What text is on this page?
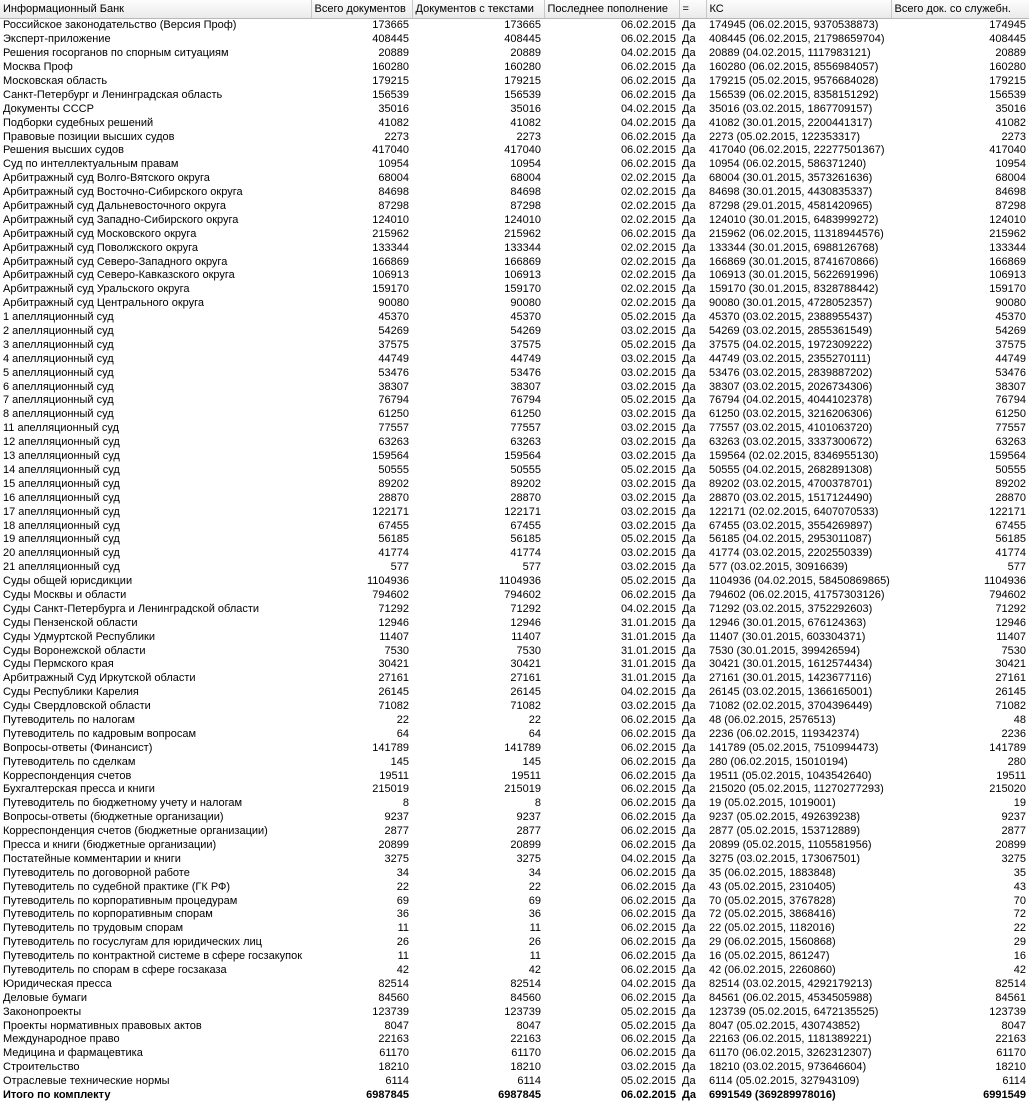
Информационный Банк	Всего документов	Документов с текстами	Последнее пополнение	=	КС	Всего док. со служебн.
Российское законодательство (Версия Проф)	173665	173665	06.02.2015	Да	174945 (06.02.2015, 9370538873)	174945
Эксперт-приложение	408445	408445	06.02.2015	Да	408445 (06.02.2015, 21798659704)	408445
Решения госорганов по спорным ситуациям	20889	20889	04.02.2015	Да	20889 (04.02.2015, 1117983121)	20889
Москва Проф	160280	160280	06.02.2015	Да	160280 (06.02.2015, 8556984057)	160280
Московская область	179215	179215	06.02.2015	Да	179215 (05.02.2015, 9576684028)	179215
Санкт-Петербург и Ленинградская область	156539	156539	06.02.2015	Да	156539 (06.02.2015, 8358151292)	156539
Документы СССР	35016	35016	04.02.2015	Да	35016 (03.02.2015, 1867709157)	35016
Подборки судебных решений	41082	41082	04.02.2015	Да	41082 (30.01.2015, 2200441317)	41082
Правовые позиции высших судов	2273	2273	06.02.2015	Да	2273 (05.02.2015, 122353317)	2273
Решения высших судов	417040	417040	06.02.2015	Да	417040 (06.02.2015, 22277501367)	417040
Суд по интеллектуальным правам	10954	10954	06.02.2015	Да	10954 (06.02.2015, 586371240)	10954
Арбитражный суд Волго-Вятского округа	68004	68004	02.02.2015	Да	68004 (30.01.2015, 3573261636)	68004
Арбитражный суд Восточно-Сибирского округа	84698	84698	02.02.2015	Да	84698 (30.01.2015, 4430835337)	84698
Арбитражный суд Дальневосточного округа	87298	87298	02.02.2015	Да	87298 (29.01.2015, 4581420965)	87298
Арбитражный суд Западно-Сибирского округа	124010	124010	02.02.2015	Да	124010 (30.01.2015, 6483999272)	124010
Арбитражный суд Московского округа	215962	215962	06.02.2015	Да	215962 (06.02.2015, 11318944576)	215962
Арбитражный суд Поволжского округа	133344	133344	02.02.2015	Да	133344 (30.01.2015, 6988126768)	133344
Арбитражный суд Северо-Западного округа	166869	166869	02.02.2015	Да	166869 (30.01.2015, 8741670866)	166869
Арбитражный суд Северо-Кавказского округа	106913	106913	02.02.2015	Да	106913 (30.01.2015, 5622691996)	106913
Арбитражный суд Уральского округа	159170	159170	02.02.2015	Да	159170 (30.01.2015, 8328788442)	159170
Арбитражный суд Центрального округа	90080	90080	02.02.2015	Да	90080 (30.01.2015, 4728052357)	90080
1 апелляционный суд	45370	45370	05.02.2015	Да	45370 (03.02.2015, 2388955437)	45370
2 апелляционный суд	54269	54269	03.02.2015	Да	54269 (03.02.2015, 2855361549)	54269
3 апелляционный суд	37575	37575	05.02.2015	Да	37575 (04.02.2015, 1972309222)	37575
4 апелляционный суд	44749	44749	03.02.2015	Да	44749 (03.02.2015, 2355270111)	44749
5 апелляционный суд	53476	53476	03.02.2015	Да	53476 (03.02.2015, 2839887202)	53476
6 апелляционный суд	38307	38307	03.02.2015	Да	38307 (03.02.2015, 2026734306)	38307
7 апелляционный суд	76794	76794	05.02.2015	Да	76794 (04.02.2015, 4044102378)	76794
8 апелляционный суд	61250	61250	03.02.2015	Да	61250 (03.02.2015, 3216206306)	61250
11 апелляционный суд	77557	77557	03.02.2015	Да	77557 (03.02.2015, 4101063720)	77557
12 апелляционный суд	63263	63263	03.02.2015	Да	63263 (03.02.2015, 3337300672)	63263
13 апелляционный суд	159564	159564	03.02.2015	Да	159564 (02.02.2015, 8346955130)	159564
14 апелляционный суд	50555	50555	05.02.2015	Да	50555 (04.02.2015, 2682891308)	50555
15 апелляционный суд	89202	89202	03.02.2015	Да	89202 (03.02.2015, 4700378701)	89202
16 апелляционный суд	28870	28870	03.02.2015	Да	28870 (03.02.2015, 1517124490)	28870
17 апелляционный суд	122171	122171	03.02.2015	Да	122171 (02.02.2015, 6407070533)	122171
18 апелляционный суд	67455	67455	03.02.2015	Да	67455 (03.02.2015, 3554269897)	67455
19 апелляционный суд	56185	56185	05.02.2015	Да	56185 (04.02.2015, 2953011087)	56185
20 апелляционный суд	41774	41774	03.02.2015	Да	41774 (03.02.2015, 2202550339)	41774
21 апелляционный суд	577	577	03.02.2015	Да	577 (03.02.2015, 30916639)	577
Суды общей юрисдикции	1104936	1104936	05.02.2015	Да	1104936 (04.02.2015, 58450869865)	1104936
Суды Москвы и области	794602	794602	06.02.2015	Да	794602 (06.02.2015, 41757303126)	794602
Суды Санкт-Петербурга и Ленинградской области	71292	71292	04.02.2015	Да	71292 (03.02.2015, 3752292603)	71292
Суды Пензенской области	12946	12946	31.01.2015	Да	12946 (30.01.2015, 676124363)	12946
Суды Удмуртской Республики	11407	11407	31.01.2015	Да	11407 (30.01.2015, 603304371)	11407
Суды Воронежской области	7530	7530	31.01.2015	Да	7530 (30.01.2015, 399426594)	7530
Суды Пермского края	30421	30421	31.01.2015	Да	30421 (30.01.2015, 1612574434)	30421
Арбитражный Суд Иркутской области	27161	27161	31.01.2015	Да	27161 (30.01.2015, 1423677116)	27161
Суды Республики Карелия	26145	26145	04.02.2015	Да	26145 (03.02.2015, 1366165001)	26145
Суды Свердловской области	71082	71082	03.02.2015	Да	71082 (02.02.2015, 3704396449)	71082
Путеводитель по налогам	22	22	06.02.2015	Да	48 (06.02.2015, 2576513)	48
Путеводитель по кадровым вопросам	64	64	06.02.2015	Да	2236 (06.02.2015, 119342374)	2236
Вопросы-ответы (Финансист)	141789	141789	06.02.2015	Да	141789 (05.02.2015, 7510994473)	141789
Путеводитель по сделкам	145	145	06.02.2015	Да	280 (06.02.2015, 15010194)	280
Корреспонденция счетов	19511	19511	06.02.2015	Да	19511 (05.02.2015, 1043542640)	19511
Бухгалтерская пресса и книги	215019	215019	06.02.2015	Да	215020 (05.02.2015, 11270277293)	215020
Путеводитель по бюджетному учету и налогам	8	8	06.02.2015	Да	19 (05.02.2015, 1019001)	19
Вопросы-ответы (бюджетные организации)	9237	9237	06.02.2015	Да	9237 (05.02.2015, 492639238)	9237
Корреспонденция счетов (бюджетные организации)	2877	2877	06.02.2015	Да	2877 (05.02.2015, 153712889)	2877
Пресса и книги (бюджетные организации)	20899	20899	06.02.2015	Да	20899 (05.02.2015, 1105581956)	20899
Постатейные комментарии и книги	3275	3275	04.02.2015	Да	3275 (03.02.2015, 173067501)	3275
Путеводитель по договорной работе	34	34	06.02.2015	Да	35 (06.02.2015, 1883848)	35
Путеводитель по судебной практике (ГК РФ)	22	22	06.02.2015	Да	43 (05.02.2015, 2310405)	43
Путеводитель по корпоративным процедурам	69	69	06.02.2015	Да	70 (05.02.2015, 3767828)	70
Путеводитель по корпоративным спорам	36	36	06.02.2015	Да	72 (05.02.2015, 3868416)	72
Путеводитель по трудовым спорам	11	11	06.02.2015	Да	22 (05.02.2015, 1182016)	22
Путеводитель по госуслугам для юридических лиц	26	26	06.02.2015	Да	29 (06.02.2015, 1560868)	29
Путеводитель по контрактной системе в сфере госзакупок	11	11	06.02.2015	Да	16 (05.02.2015, 861247)	16
Путеводитель по спорам в сфере госзаказа	42	42	06.02.2015	Да	42 (06.02.2015, 2260860)	42
Юридическая пресса	82514	82514	04.02.2015	Да	82514 (03.02.2015, 4292179213)	82514
Деловые бумаги	84560	84560	06.02.2015	Да	84561 (06.02.2015, 4534505988)	84561
Законопроекты	123739	123739	05.02.2015	Да	123739 (05.02.2015, 6472135525)	123739
Проекты нормативных правовых актов	8047	8047	05.02.2015	Да	8047 (05.02.2015, 430743852)	8047
Международное право	22163	22163	06.02.2015	Да	22163 (06.02.2015, 1181389221)	22163
Медицина и фармацевтика	61170	61170	06.02.2015	Да	61170 (06.02.2015, 3262312307)	61170
Строительство	18210	18210	03.02.2015	Да	18210 (03.02.2015, 973646604)	18210
Отраслевые технические нормы	6114	6114	05.02.2015	Да	6114 (05.02.2015, 327943109)	6114
Итого по комплекту	6987845	6987845	06.02.2015	Да	6991549 (369289978016)	6991549
